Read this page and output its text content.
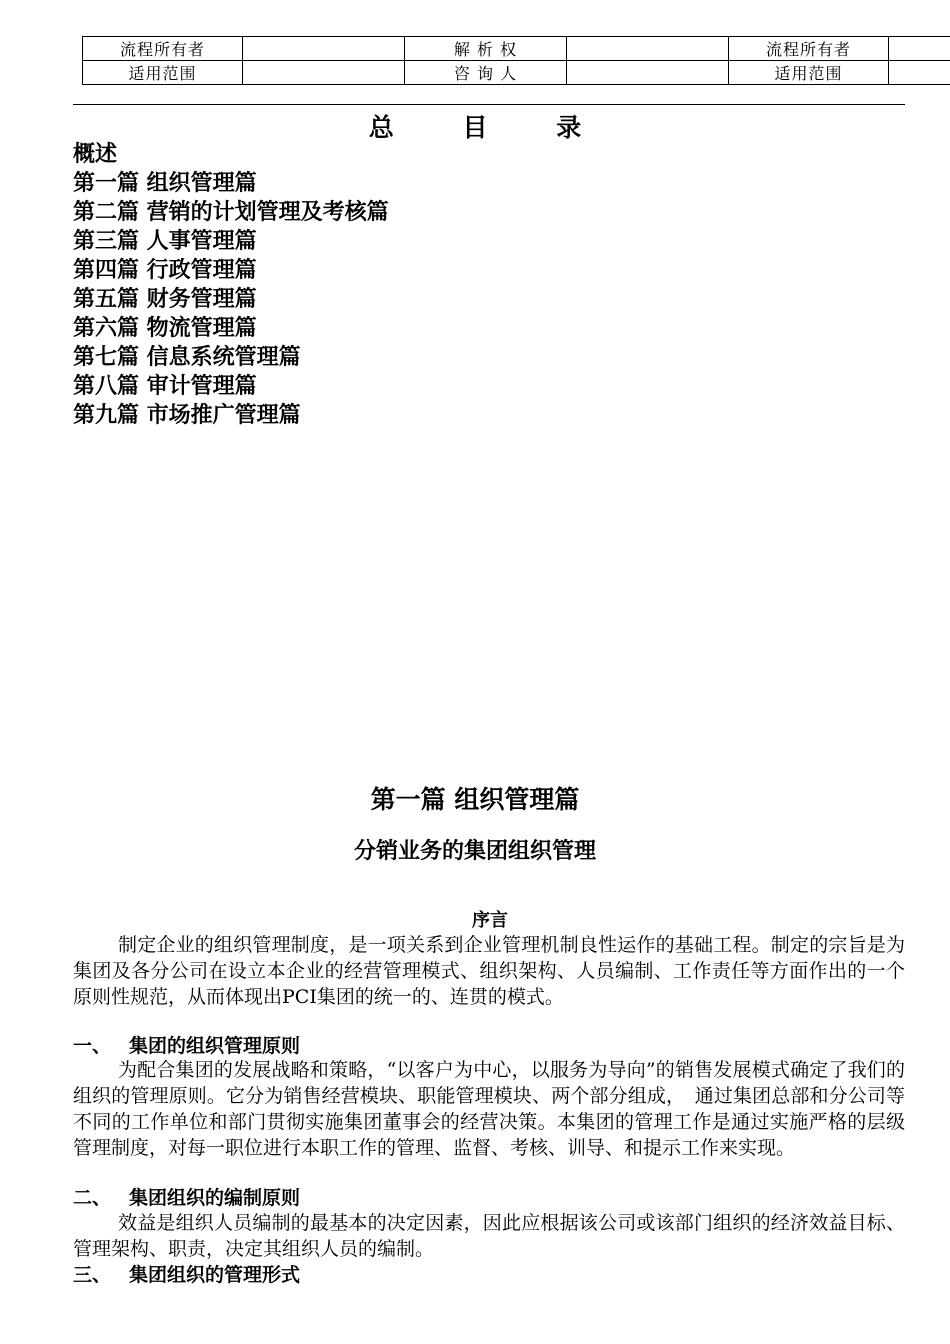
流程所有者		解 析 权		流程所有者	
适用范围		咨 询 人		适用范围	
总 目 录
概述
第一篇 组织管理篇
第二篇 营销的计划管理及考核篇
第三篇 人事管理篇
第四篇 行政管理篇
第五篇 财务管理篇
第六篇 物流管理篇
第七篇 信息系统管理篇
第八篇 审计管理篇
第九篇 市场推广管理篇
第一篇 组织管理篇
分销业务的集团组织管理
序言

制定企业的组织管理制度，是一项关系到企业管理机制良性运作的基础工程。制定的宗旨是为集团及各分公司在设立本企业的经营管理模式、组织架构、人员编制、工作责任等方面作出的一个原则性规范，从而体现出PCI集团的统一的、连贯的模式。

一、 集团的组织管理原则

为配合集团的发展战略和策略，“以客户为中心，以服务为导向”的销售发展模式确定了我们的组织的管理原则。它分为销售经营模块、职能管理模块、两个部分组成，　通过集团总部和分公司等不同的工作单位和部门贯彻实施集团董事会的经营决策。本集团的管理工作是通过实施严格的层级管理制度，对每一职位进行本职工作的管理、监督、考核、训导、和提示工作来实现。

二、 集团组织的编制原则

效益是组织人员编制的最基本的决定因素，因此应根据该公司或该部门组织的经济效益目标、管理架构、职责，决定其组织人员的编制。

三、 集团组织的管理形式
